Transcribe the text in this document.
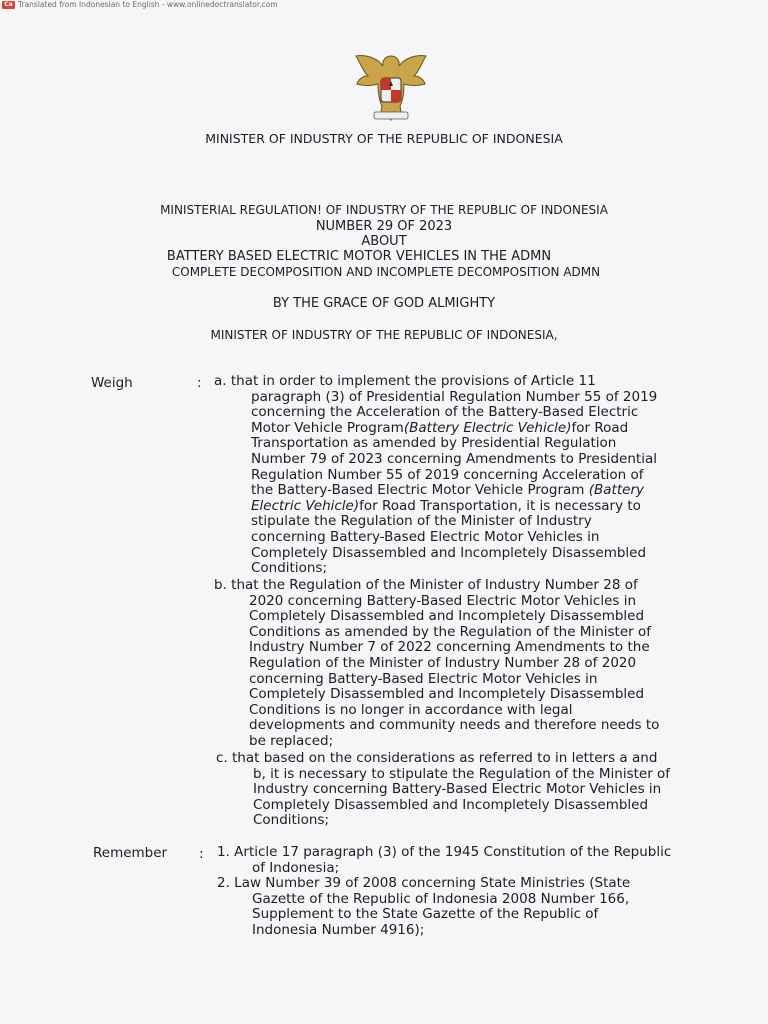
Ca Translated from Indonesian to English - www.onlinedoctranslator.com
MINISTER OF INDUSTRY OF THE REPUBLIC OF INDONESIA
MINISTERIAL REGULATION! OF INDUSTRY OF THE REPUBLIC OF INDONESIA
NUMBER 29 OF 2023
ABOUT
BATTERY BASED ELECTRIC MOTOR VEHICLES IN THE ADMN
COMPLETE DECOMPOSITION AND INCOMPLETE DECOMPOSITION ADMN
BY THE GRACE OF GOD ALMIGHTY
MINISTER OF INDUSTRY OF THE REPUBLIC OF INDONESIA,
Weigh	: a. that in order to implement the provisions of Article 11
paragraph (3) of Presidential Regulation Number 55 of 2019
concerning the Acceleration of the Battery-Based Electric
Motor Vehicle Program(Battery Electric Vehicle)for Road
Transportation as amended by Presidential Regulation
Number 79 of 2023 concerning Amendments to Presidential
Regulation Number 55 of 2019 concerning Acceleration of
the Battery-Based Electric Motor Vehicle Program (Battery
Electric Vehicle)for Road Transportation, it is necessary to
stipulate the Regulation of the Minister of Industry
concerning Battery-Based Electric Motor Vehicles in
Completely Disassembled and Incompletely Disassembled
Conditions;
b. that the Regulation of the Minister of Industry Number 28 of
2020 concerning Battery-Based Electric Motor Vehicles in
Completely Disassembled and Incompletely Disassembled
Conditions as amended by the Regulation of the Minister of
Industry Number 7 of 2022 concerning Amendments to the
Regulation of the Minister of Industry Number 28 of 2020
concerning Battery-Based Electric Motor Vehicles in
Completely Disassembled and Incompletely Disassembled
Conditions is no longer in accordance with legal
developments and community needs and therefore needs to
be replaced;
c. that based on the considerations as referred to in letters a and
b, it is necessary to stipulate the Regulation of the Minister of
Industry concerning Battery-Based Electric Motor Vehicles in
Completely Disassembled and Incompletely Disassembled
Conditions;
Remember : 1. Article 17 paragraph (3) of the 1945 Constitution of the Republic
of Indonesia;
2. Law Number 39 of 2008 concerning State Ministries (State
Gazette of the Republic of Indonesia 2008 Number 166,
Supplement to the State Gazette of the Republic of
Indonesia Number 4916);
